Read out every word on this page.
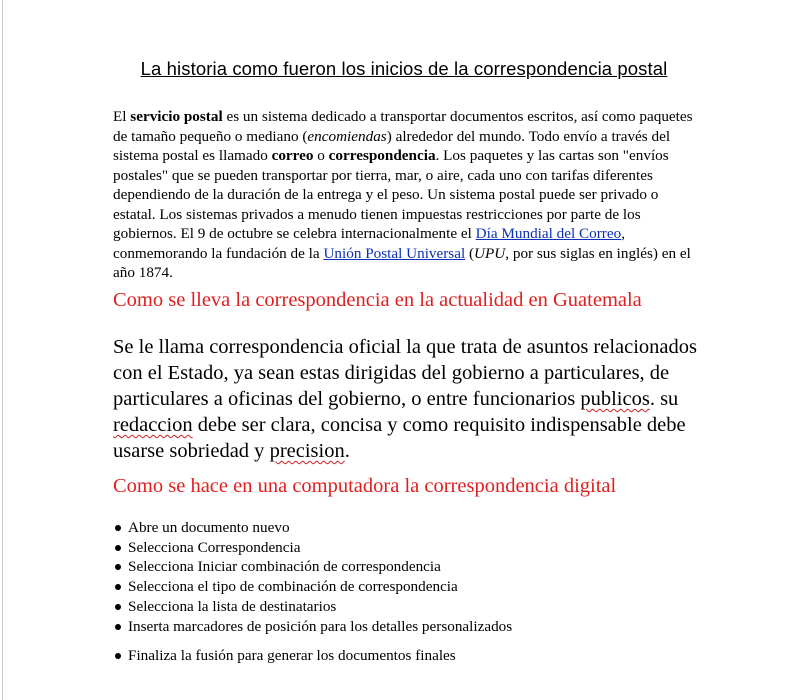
La historia como fueron los inicios de la correspondencia postal

El servicio postal es un sistema dedicado a transportar documentos escritos, así como paquetes de tamaño pequeño o mediano (encomiendas) alrededor del mundo. Todo envío a través del sistema postal es llamado correo o correspondencia. Los paquetes y las cartas son "envíos postales" que se pueden transportar por tierra, mar, o aire, cada uno con tarifas diferentes dependiendo de la duración de la entrega y el peso. Un sistema postal puede ser privado o estatal. Los sistemas privados a menudo tienen impuestas restricciones por parte de los gobiernos. El 9 de octubre se celebra internacionalmente el Día Mundial del Correo, conmemorando la fundación de la Unión Postal Universal (UPU, por sus siglas en inglés) en el año 1874.

Como se lleva la correspondencia en la actualidad en Guatemala

Se le llama correspondencia oficial la que trata de asuntos relacionados con el Estado, ya sean estas dirigidas del gobierno a particulares, de particulares a oficinas del gobierno, o entre funcionarios publicos. su redaccion debe ser clara, concisa y como requisito indispensable debe usarse sobriedad y precision.

Como se hace en una computadora la correspondencia digital
Abre un documento nuevo
Selecciona Correspondencia
Selecciona Iniciar combinación de correspondencia
Selecciona el tipo de combinación de correspondencia
Selecciona la lista de destinatarios
Inserta marcadores de posición para los detalles personalizados
Finaliza la fusión para generar los documentos finales
